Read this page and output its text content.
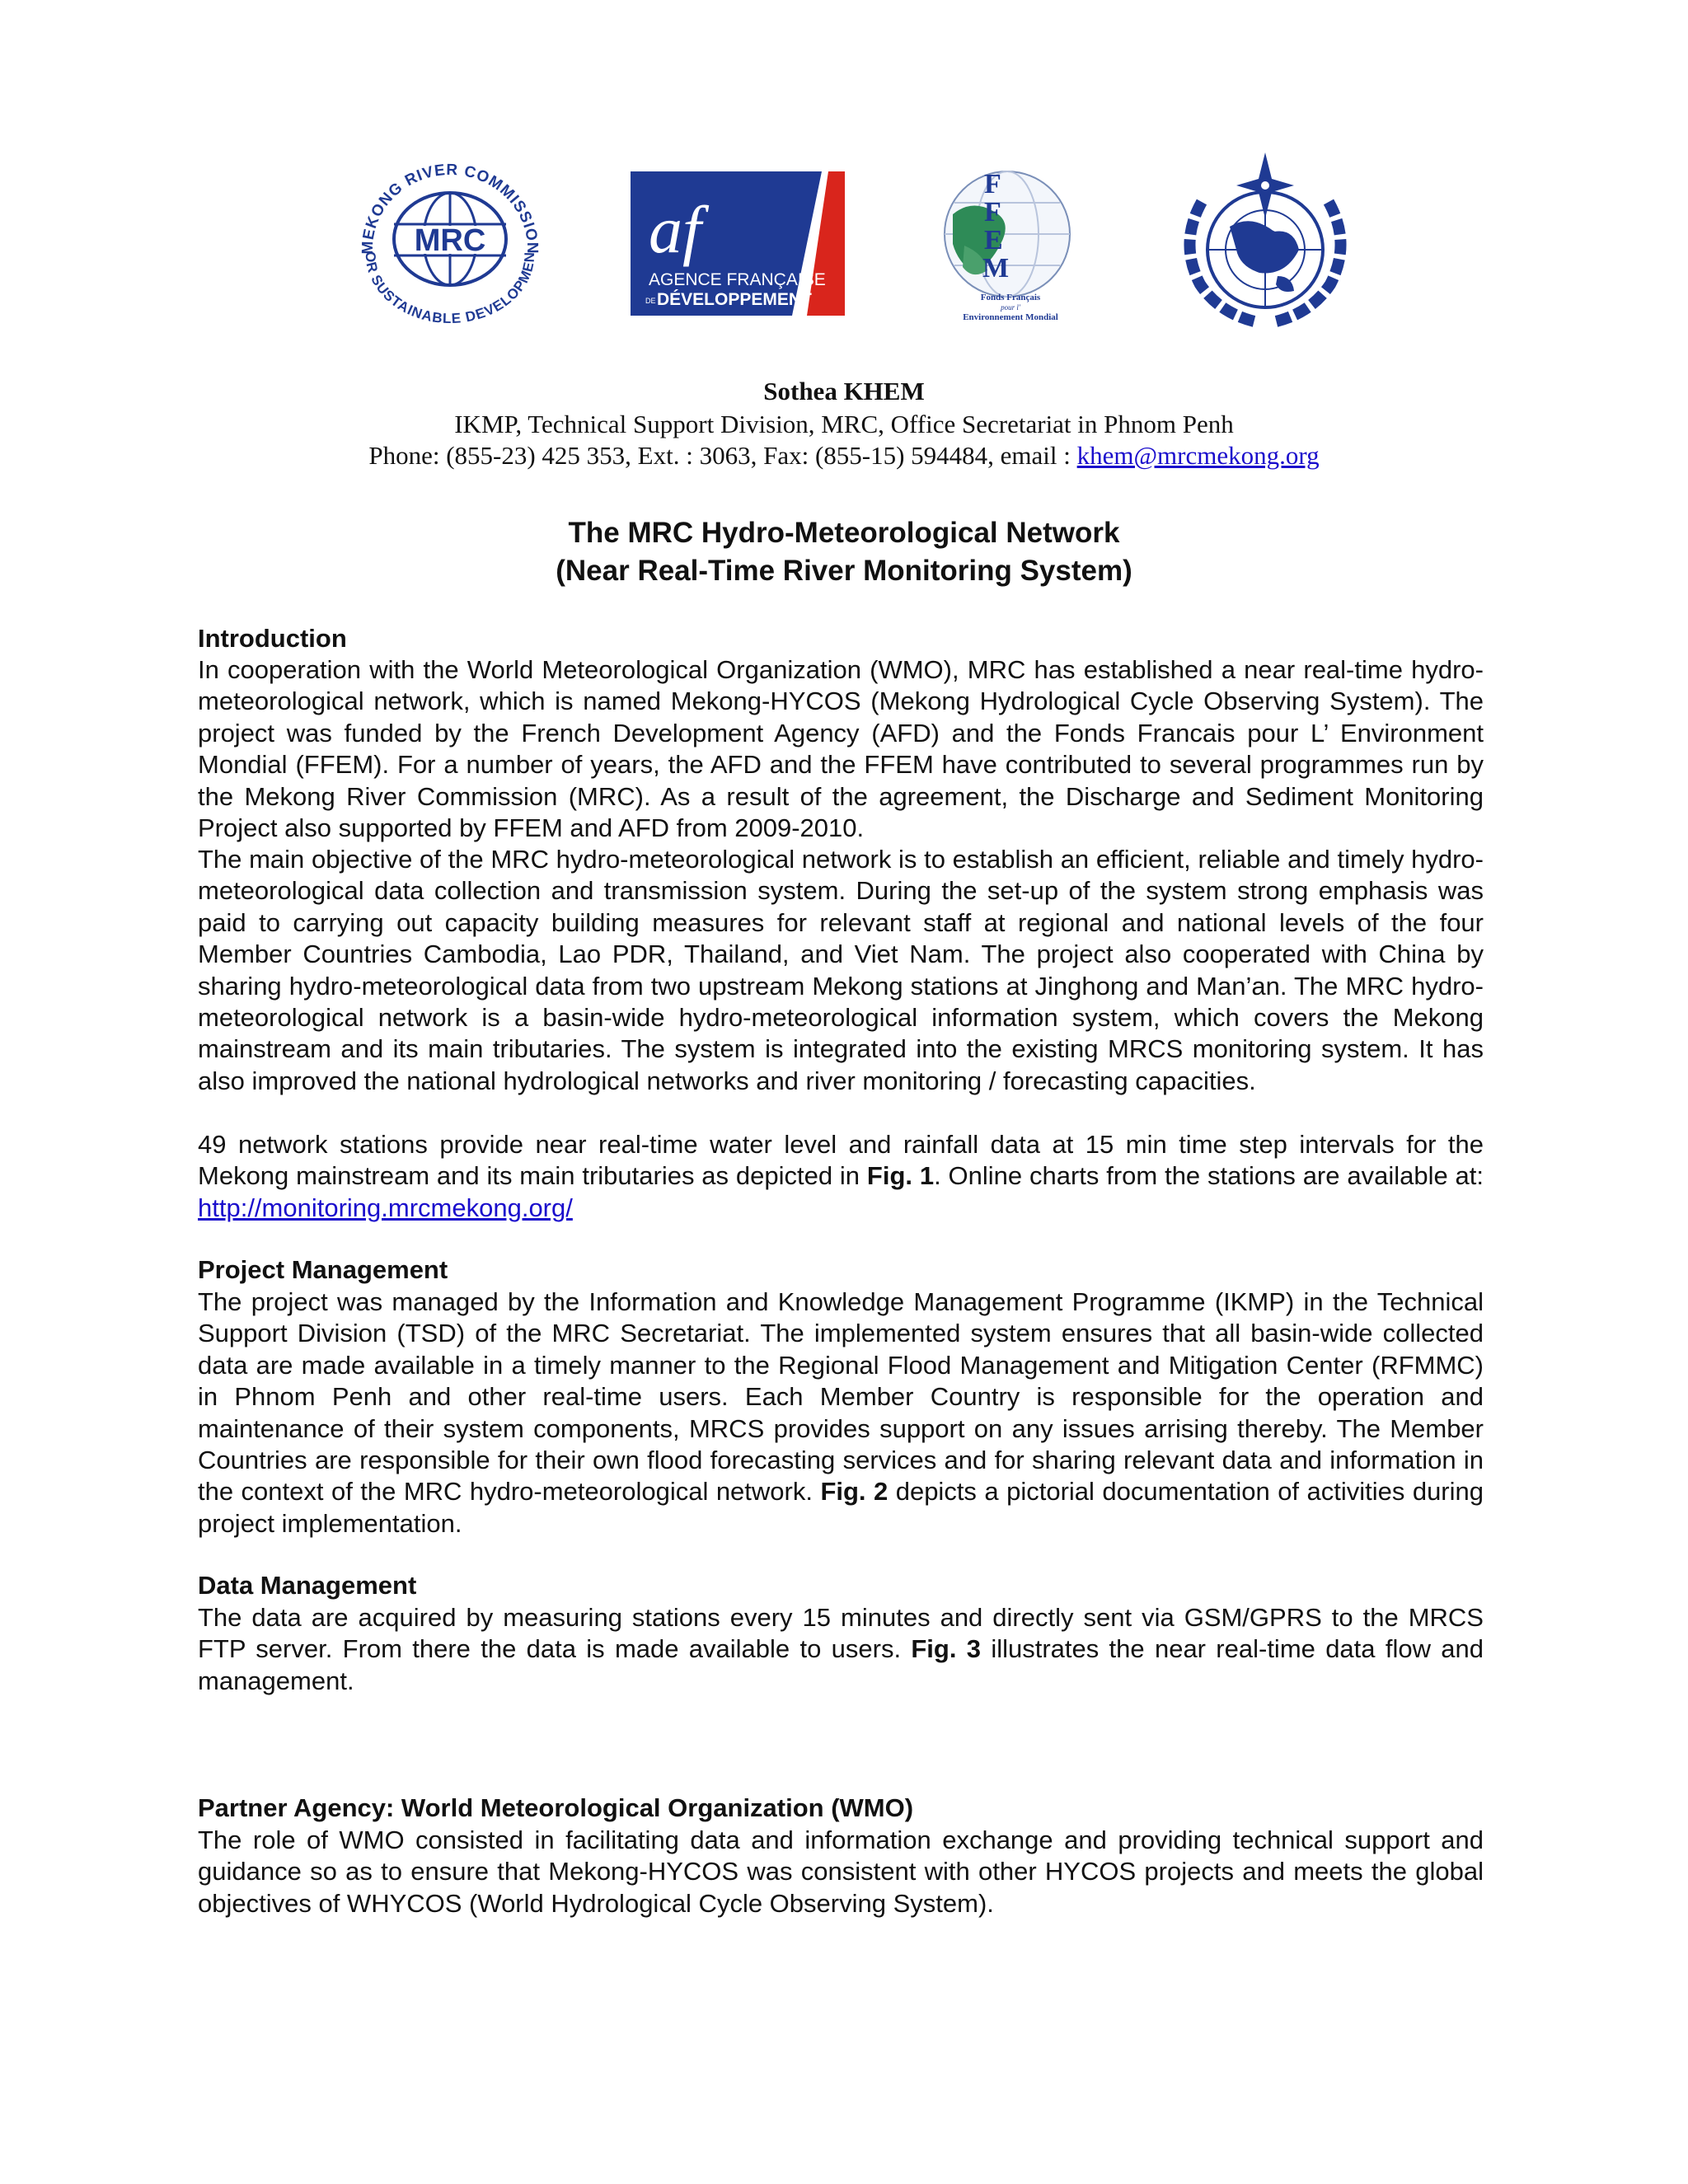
MEKONG RIVER COMMISSION
OR SUSTAINABLE DEVELOPMEN
MRC af
AGENCE FRANÇAISE
DE DÉVELOPPEMENT
F
F
E
M
Fonds Français
pour l'
Environnement Mondial
Sothea KHEM
IKMP, Technical Support Division, MRC, Office Secretariat in Phnom Penh
Phone: (855-23) 425 353, Ext. : 3063, Fax: (855-15) 594484, email : khem@mrcmekong.org
The MRC Hydro-Meteorological Network
(Near Real-Time River Monitoring System)
Introduction

In cooperation with the World Meteorological Organization (WMO), MRC has established a near real-time hydro-meteorological network, which is named Mekong-HYCOS (Mekong Hydrological Cycle Observing System). The project was funded by the French Development Agency (AFD) and the Fonds Francais pour L’ Environment Mondial (FFEM). For a number of years, the AFD and the FFEM have contributed to several programmes run by the Mekong River Commission (MRC). As a result of the agreement, the Discharge and Sediment Monitoring Project also supported by FFEM and AFD from 2009-2010.

The main objective of the MRC hydro-meteorological network is to establish an efficient, reliable and timely hydro-meteorological data collection and transmission system. During the set-up of the system strong emphasis was paid to carrying out capacity building measures for relevant staff at regional and national levels of the four Member Countries Cambodia, Lao PDR, Thailand, and Viet Nam. The project also cooperated with China by sharing hydro-meteorological data from two upstream Mekong stations at Jinghong and Man’an. The MRC hydro-meteorological network is a basin-wide hydro-meteorological information system, which covers the Mekong mainstream and its main tributaries. The system is integrated into the existing MRCS monitoring system. It has also improved the national hydrological networks and river monitoring / forecasting capacities.

49 network stations provide near real-time water level and rainfall data at 15 min time step intervals for the Mekong mainstream and its main tributaries as depicted in Fig. 1. Online charts from the stations are available at: http://monitoring.mrcmekong.org/

Project Management

The project was managed by the Information and Knowledge Management Programme (IKMP) in the Technical Support Division (TSD) of the MRC Secretariat. The implemented system ensures that all basin-wide collected data are made available in a timely manner to the Regional Flood Management and Mitigation Center (RFMMC) in Phnom Penh and other real-time users. Each Member Country is responsible for the operation and maintenance of their system components, MRCS provides support on any issues arrising thereby. The Member Countries are responsible for their own flood forecasting services and for sharing relevant data and information in the context of the MRC hydro-meteorological network. Fig. 2 depicts a pictorial documentation of activities during project implementation.

Data Management

The data are acquired by measuring stations every 15 minutes and directly sent via GSM/GPRS to the MRCS FTP server. From there the data is made available to users. Fig. 3 illustrates the near real-time data flow and management.

Partner Agency: World Meteorological Organization (WMO)

The role of WMO consisted in facilitating data and information exchange and providing technical support and guidance so as to ensure that Mekong-HYCOS was consistent with other HYCOS projects and meets the global objectives of WHYCOS (World Hydrological Cycle Observing System).
